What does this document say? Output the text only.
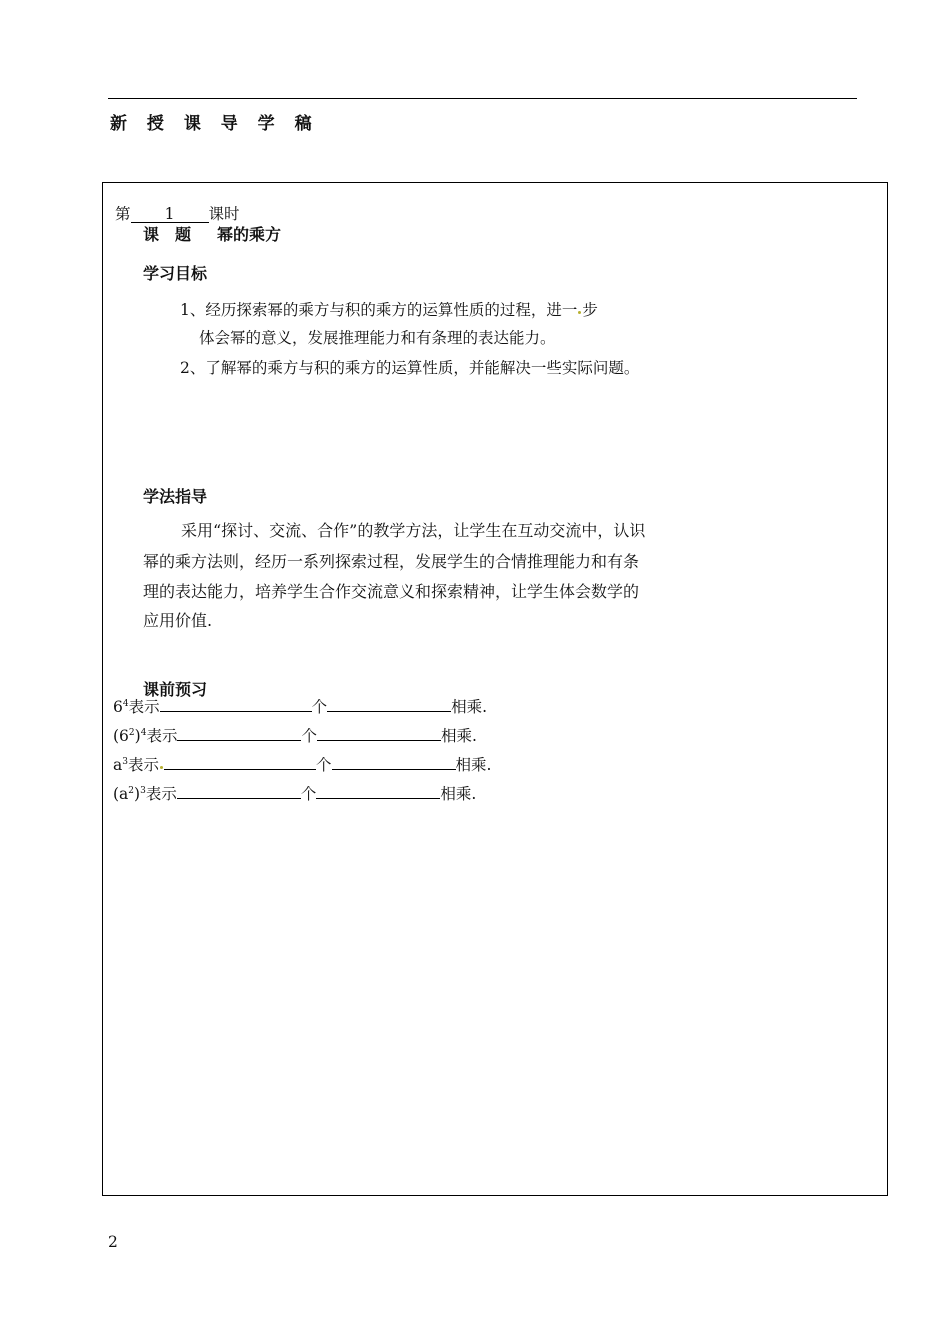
新 授 课 导 学 稿
第 1 课时
课　题 幂的乘方
学习目标
1、经历探索幂的乘方与积的乘方的运算性质的过程，进一 步
体会幂的意义，发展推理能力和有条理的表达能力。
2、了解幂的乘方与积的乘方的运算性质，并能解决一些实际问题。
学法指导
采用“探讨、交流、合作”的教学方法，让学生在互动交流中，认识
幂的乘方法则，经历一系列探索过程，发展学生的合情推理能力和有条
理的表达能力，培养学生合作交流意义和探索精神，让学生体会数学的
应用价值.
课前预习
$6^4$表示	个	相乘.
$(6^2)^4$表示	个	相乘.
$a^3$表示	个	相乘.
$(a^2)^3$表示	个	相乘.
2
